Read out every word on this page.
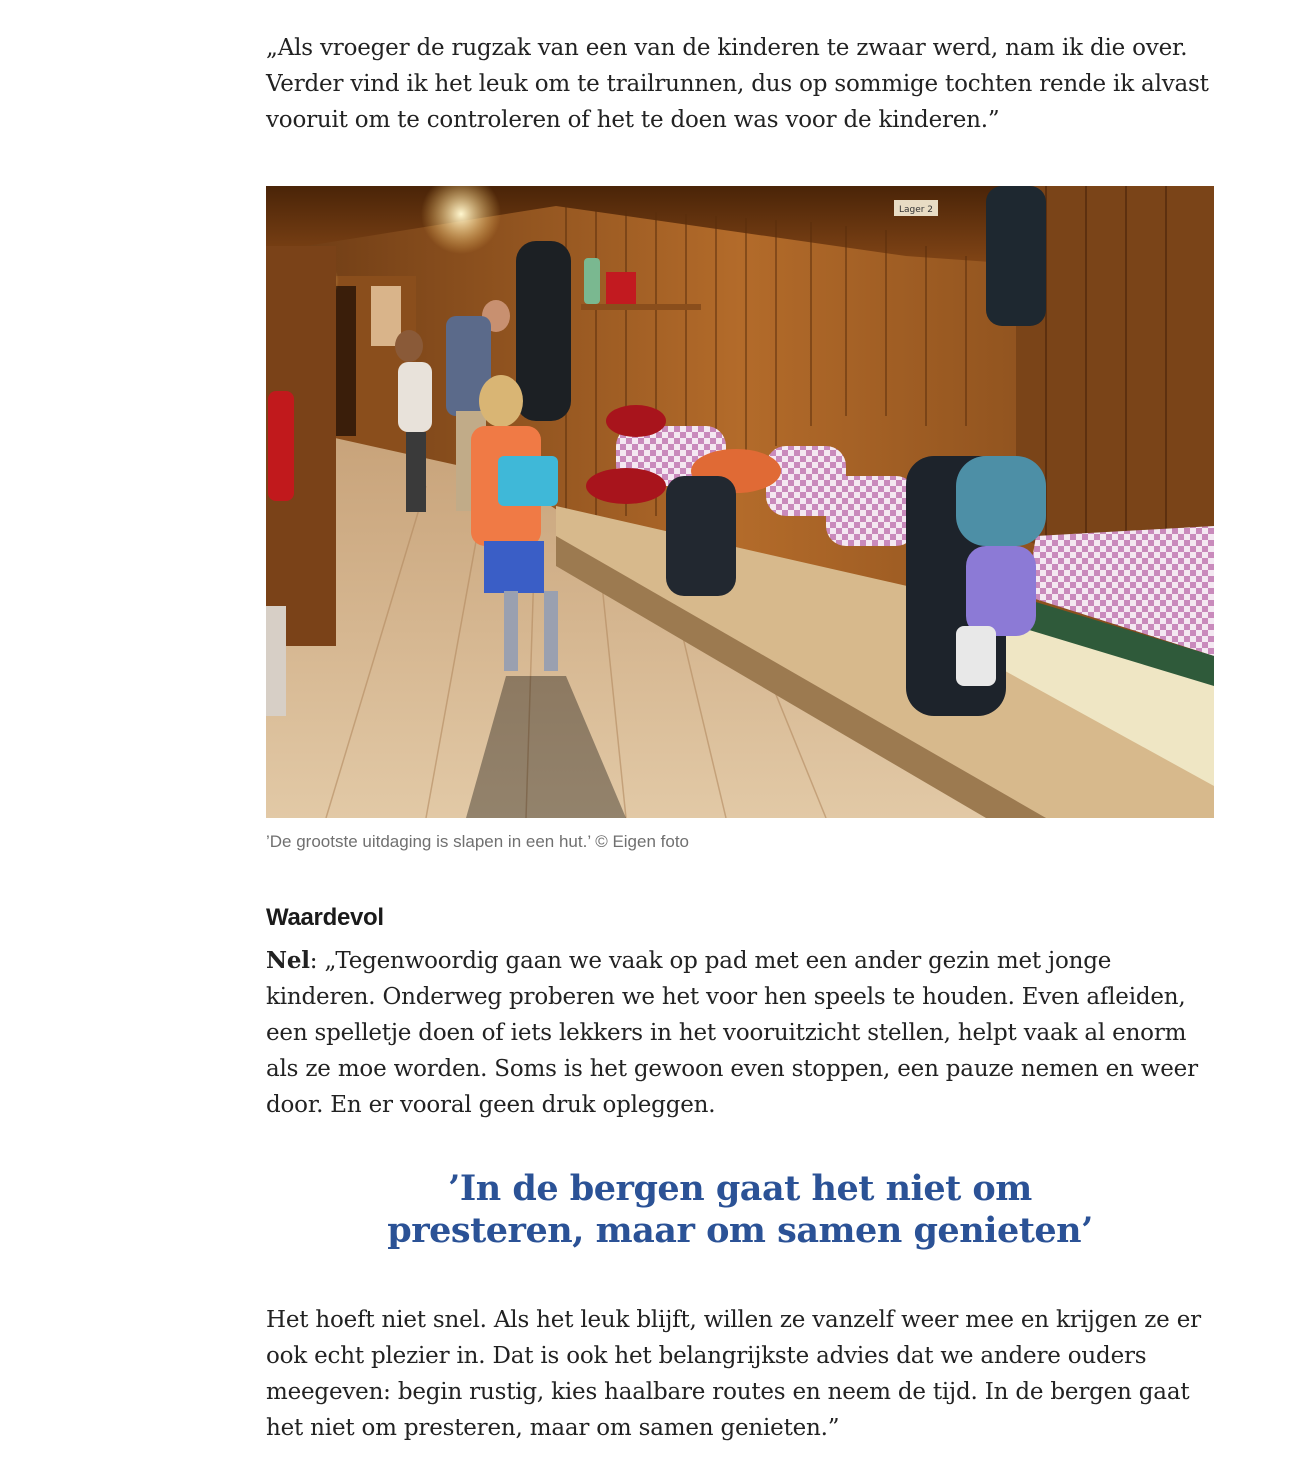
„Als vroeger de rugzak van een van de kinderen te zwaar werd, nam ik die over. Verder vind ik het leuk om te trailrunnen, dus op sommige tochten rende ik alvast vooruit om te controleren of het te doen was voor de kinderen.”

Lager 2
’De grootste uitdaging is slapen in een hut.’ © Eigen foto
Waardevol

Nel: „Tegenwoordig gaan we vaak op pad met een ander gezin met jonge kinderen. Onderweg proberen we het voor hen speels te houden. Even afleiden, een spelletje doen of iets lekkers in het vooruitzicht stellen, helpt vaak al enorm als ze moe worden. Soms is het gewoon even stoppen, een pauze nemen en weer door. En er vooral geen druk opleggen.

’In de bergen gaat het niet om
presteren, maar om samen genieten’

Het hoeft niet snel. Als het leuk blijft, willen ze vanzelf weer mee en krijgen ze er ook echt plezier in. Dat is ook het belangrijkste advies dat we andere ouders meegeven: begin rustig, kies haalbare routes en neem de tijd. In de bergen gaat het niet om presteren, maar om samen genieten.”
